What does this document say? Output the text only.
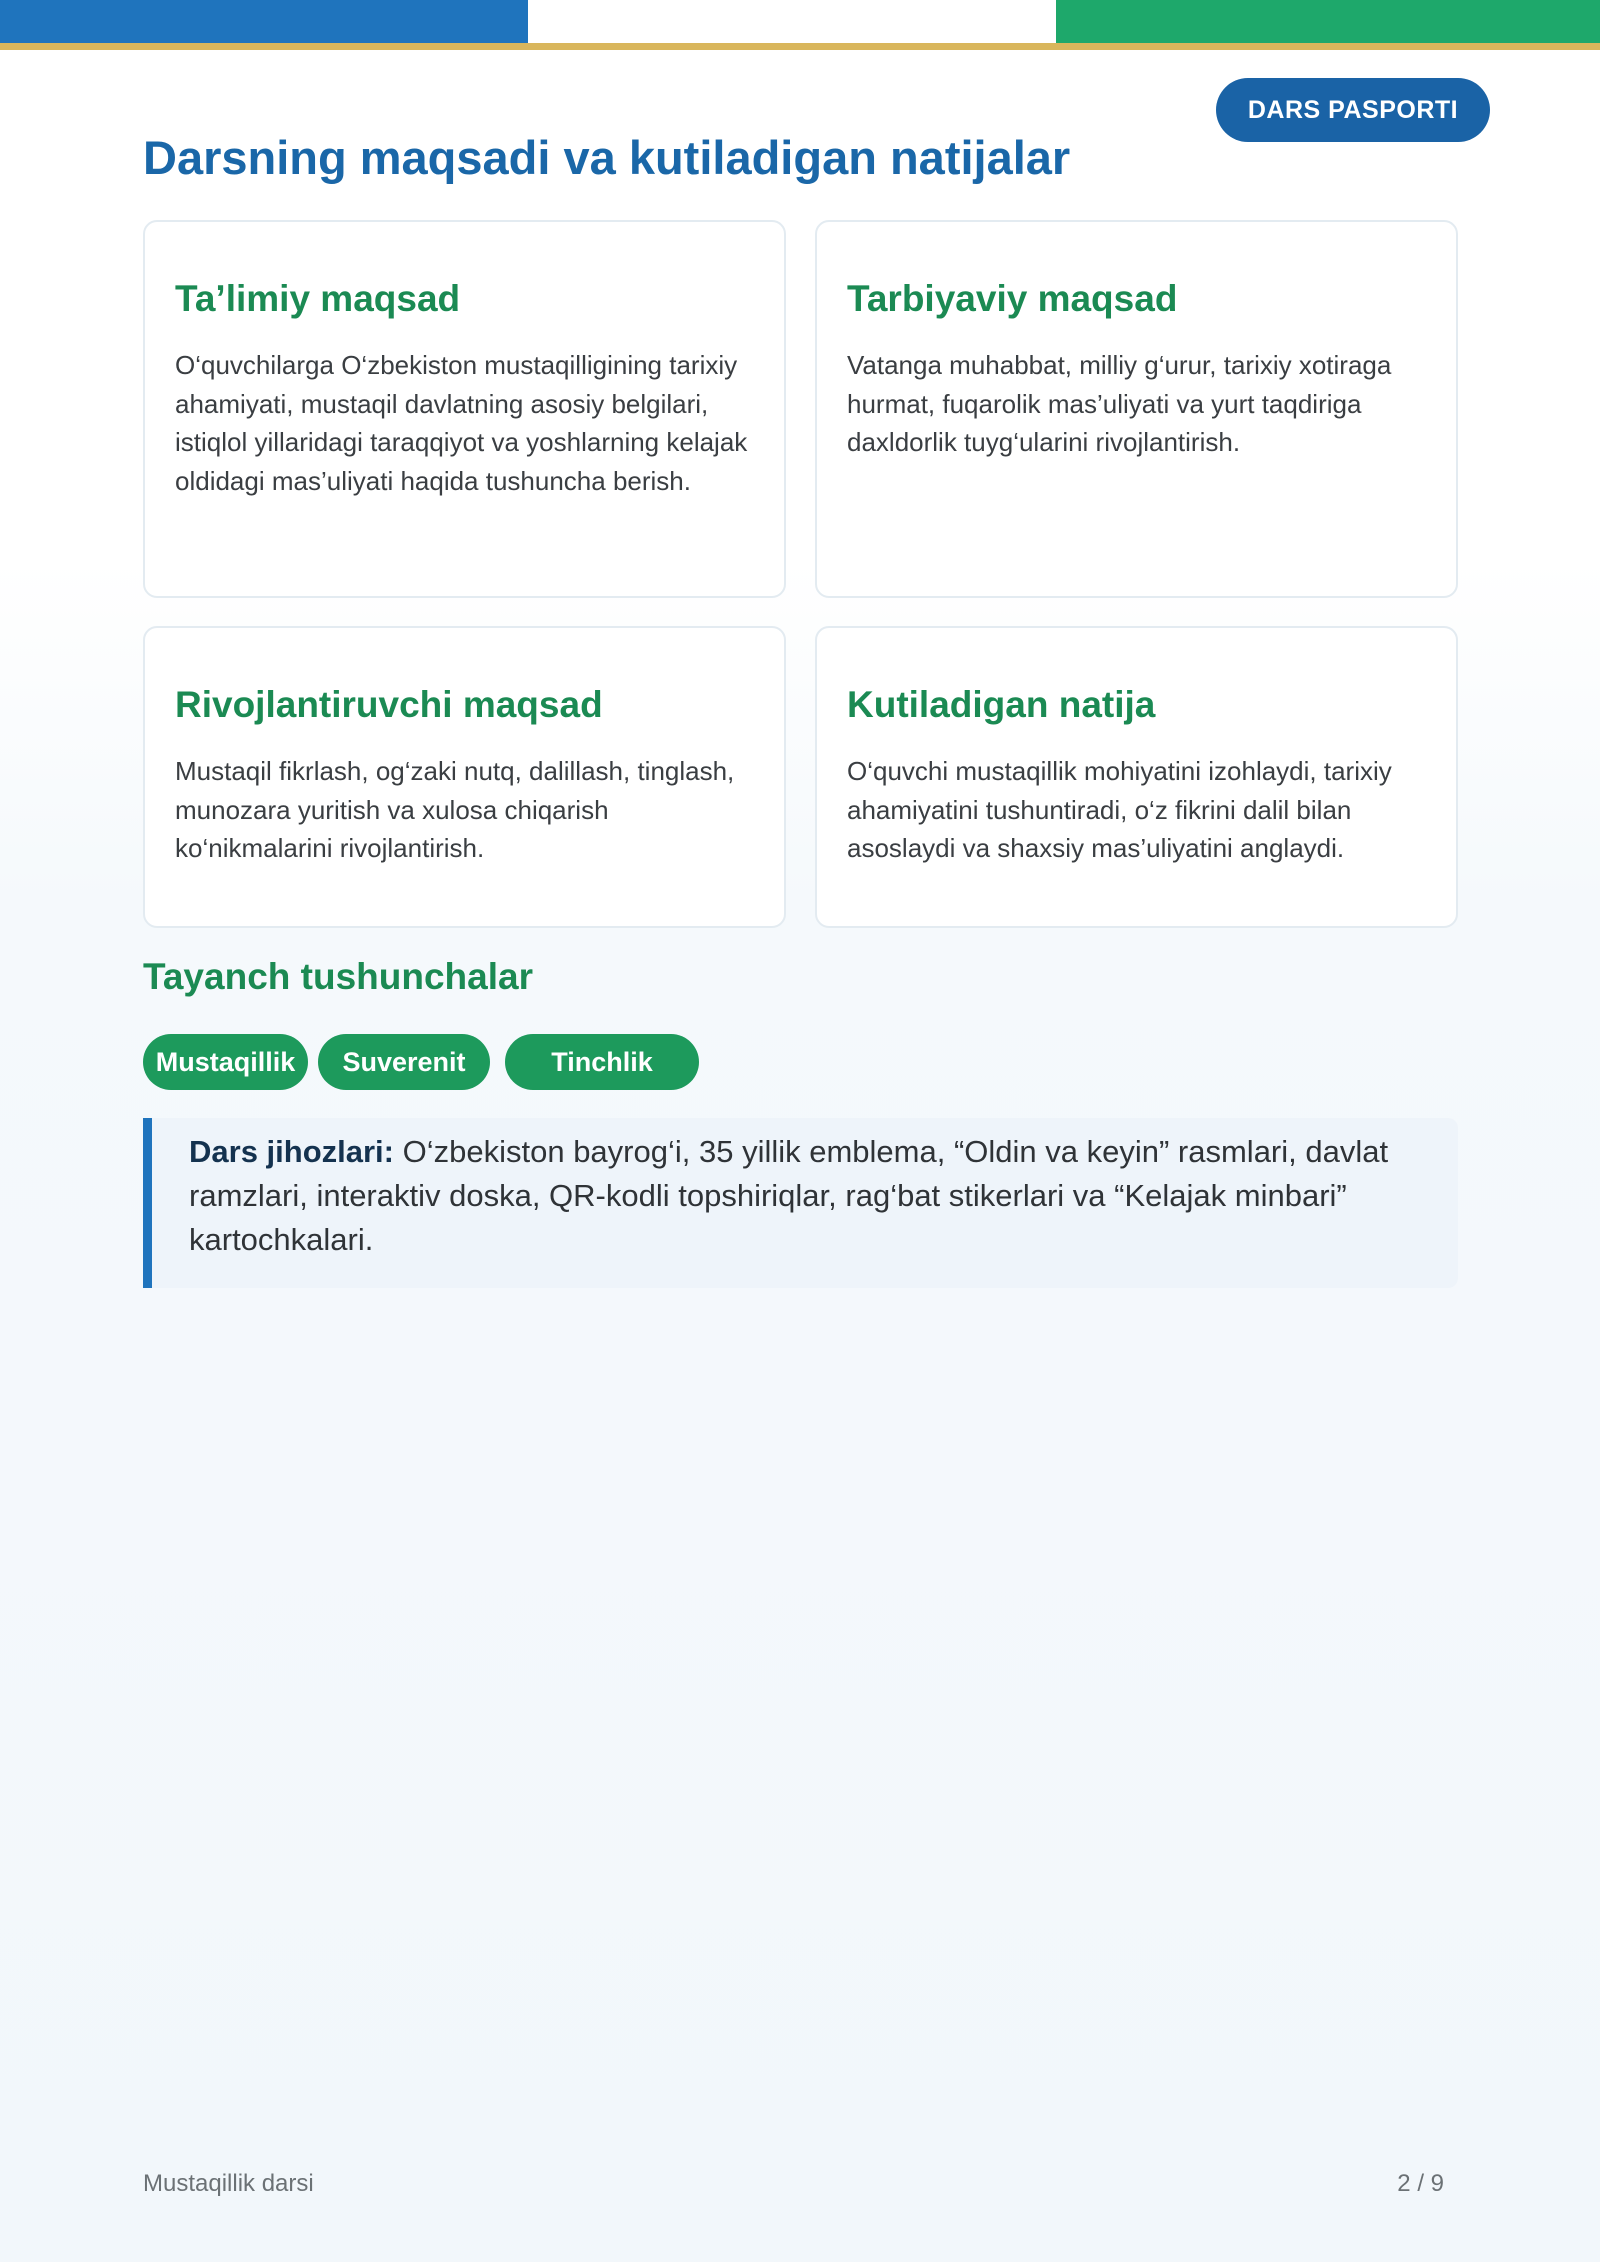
DARS PASPORTI
Darsning maqsadi va kutiladigan natijalar
Ta’limiy maqsad

O‘quvchilarga O‘zbekiston mustaqilligining tarixiy ahamiyati, mustaqil davlatning asosiy belgilari, istiqlol yillaridagi taraqqiyot va yoshlarning kelajak oldidagi mas’uliyati haqida tushuncha berish.

Tarbiyaviy maqsad

Vatanga muhabbat, milliy g‘urur, tarixiy xotiraga hurmat, fuqarolik mas’uliyati va yurt taqdiriga daxldorlik tuyg‘ularini rivojlantirish.

Rivojlantiruvchi maqsad

Mustaqil fikrlash, og‘zaki nutq, dalillash, tinglash, munozara yuritish va xulosa chiqarish ko‘nikmalarini rivojlantirish.

Kutiladigan natija

O‘quvchi mustaqillik mohiyatini izohlaydi, tarixiy ahamiyatini tushuntiradi, o‘z fikrini dalil bilan asoslaydi va shaxsiy mas’uliyatini anglaydi.

Tayanch tushunchalar
Mustaqillik	Suverenit	Tinchlik
Dars jihozlari: O‘zbekiston bayrog‘i, 35 yillik emblema, “Oldin va keyin” rasmlari, davlat ramzlari, interaktiv doska, QR-kodli topshiriqlar, rag‘bat stikerlari va “Kelajak minbari” kartochkalari.
Mustaqillik darsi	2 / 9
